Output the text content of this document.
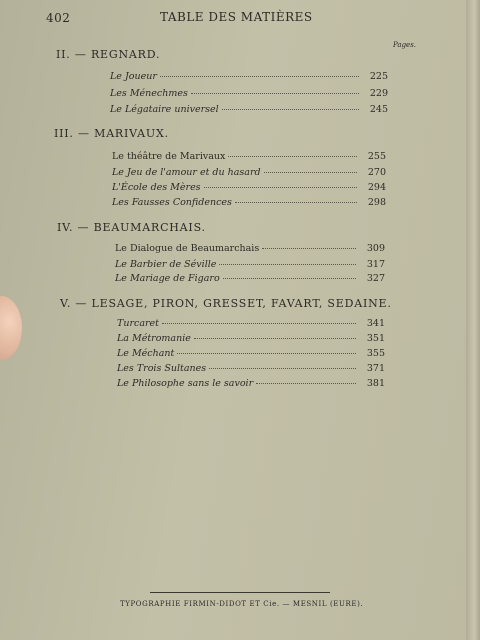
402	TABLE DES MATIÈRES
Pages.
II. — REGNARD.
Le Joueur	225
Les Ménechmes	229
Le Légataire universel	245
III. — MARIVAUX.
Le théâtre de Marivaux	255
Le Jeu de l'amour et du hasard	270
L'École des Mères	294
Les Fausses Confidences	298
IV. — BEAUMARCHAIS.
Le Dialogue de Beaumarchais	309
Le Barbier de Séville	317
Le Mariage de Figaro	327
V. — LESAGE, PIRON, GRESSET, FAVART, SEDAINE.
Turcaret	341
La Métromanie	351
Le Méchant	355
Les Trois Sultanes	371
Le Philosophe sans le savoir	381
TYPOGRAPHIE FIRMIN-DIDOT ET Cie. — MESNIL (EURE).
